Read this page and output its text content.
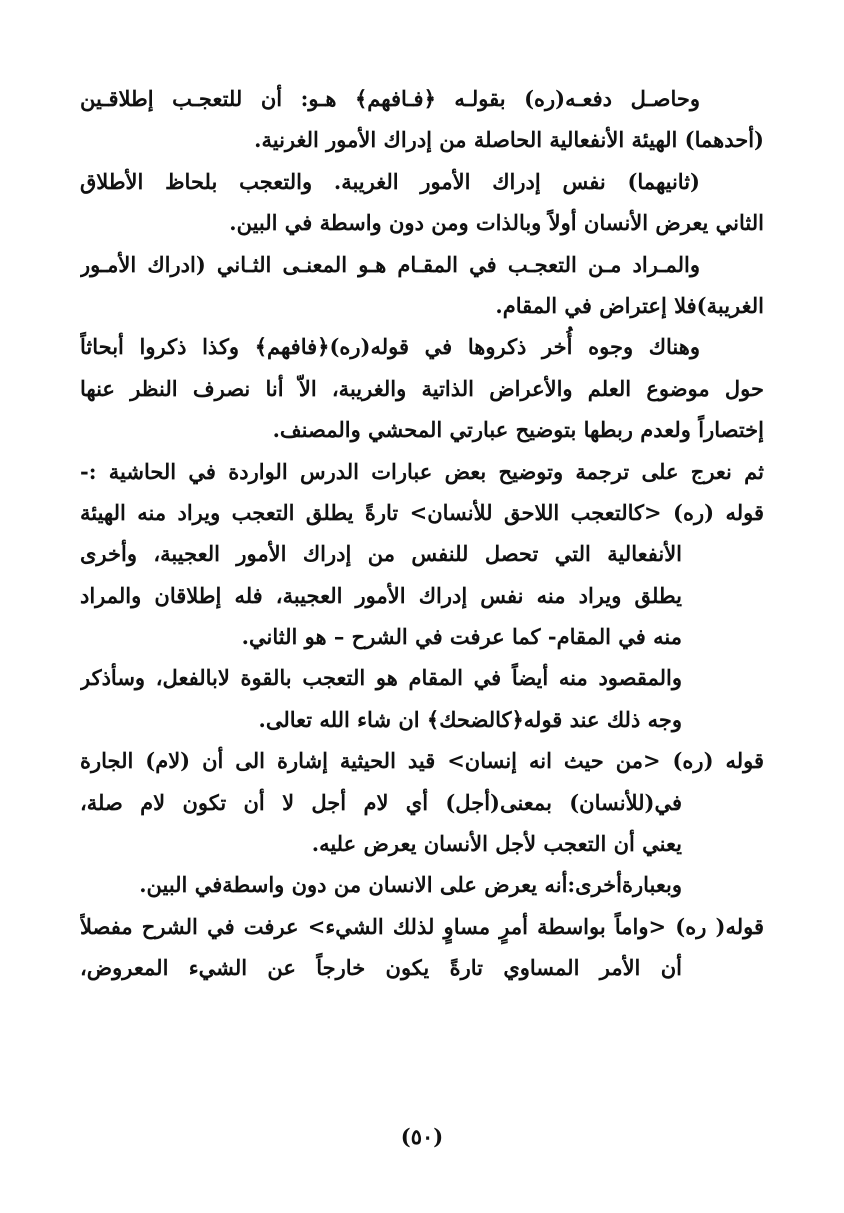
وحاصـل دفعـه(ره) بقولـه ﴿فـافهم﴾ هـو: أن للتعجـب إطلاقـين
(أحدهما) الهيئة الأنفعالية الحاصلة من إدراك الأمور الغرنية.
(ثانيهما) نفس إدراك الأمور الغريبة. والتعجب بلحاظ الأطلاق
الثاني يعرض الأنسان أولاً وبالذات ومن دون واسطة في البين.
والمـراد مـن التعجـب في المقـام هـو المعنـى الثـاني (ادراك الأمـور
الغريبة)فلا إعتراض في المقام.
وهناك وجوه أُخر ذكروها في قوله(ره)﴿فافهم﴾ وكذا ذكروا أبحاثاً
حول موضوع العلم والأعراض الذاتية والغريبة، الاّ أنا نصرف النظر عنها
إختصاراً ولعدم ربطها بتوضيح عبارتي المحشي والمصنف.
ثم نعرج على ترجمة وتوضيح بعض عبارات الدرس الواردة في الحاشية :-
قوله (ره) <كالتعجب اللاحق للأنسان> تارةً يطلق التعجب ويراد منه الهيئة
الأنفعالية التي تحصل للنفس من إدراك الأمور العجيبة، وأخرى
يطلق ويراد منه نفس إدراك الأمور العجيبة، فله إطلاقان والمراد
منه في المقام- كما عرفت في الشرح – هو الثاني.
والمقصود منه أيضاً في المقام هو التعجب بالقوة لابالفعل، وسأذكر
وجه ذلك عند قوله﴿كالضحك﴾ ان شاء الله تعالى.
قوله (ره) <من حيث انه إنسان> قيد الحيثية إشارة الى أن (لام) الجارة
في(للأنسان) بمعنى(أجل) أي لام أجل لا أن تكون لام صلة،
يعني أن التعجب لأجل الأنسان يعرض عليه.
وبعبارةأخرى:أنه يعرض على الانسان من دون واسطةفي البين.
قوله( ره) <واماً بواسطة أمرٍ مساوٍ لذلك الشيء> عرفت في الشرح مفصلاً
أن الأمر المساوي تارةً يكون خارجاً عن الشيء المعروض،
(٥٠)
